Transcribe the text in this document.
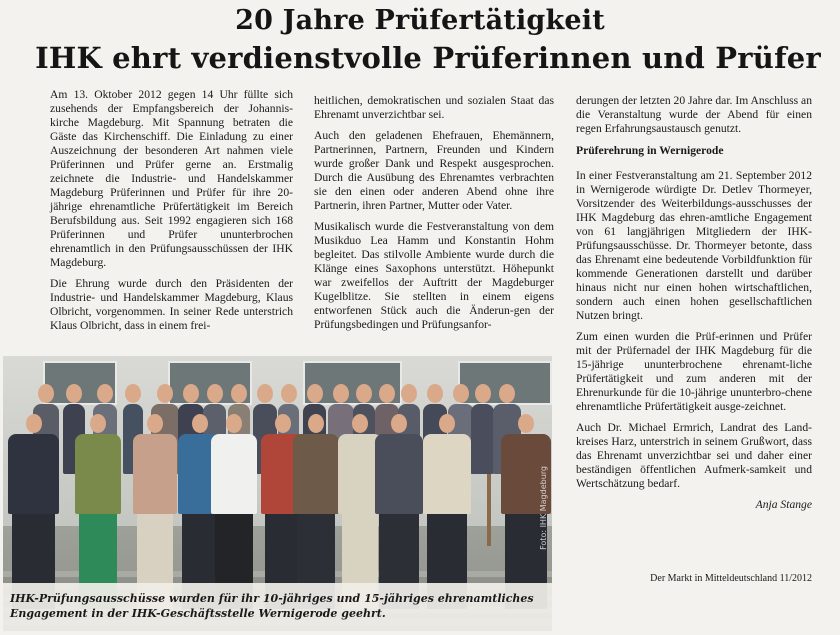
20 Jahre Prüfertätigkeit
IHK ehrt verdienstvolle Prüferinnen und Prüfer

Am 13. Oktober 2012 gegen 14 Uhr füllte sich zusehends der Empfangsbereich der Johannis-kirche Magdeburg. Mit Spannung betraten die Gäste das Kirchenschiff. Die Einladung zu einer Auszeichnung der besonderen Art nahmen viele Prüferinnen und Prüfer gerne an. Erstmalig zeichnete die Industrie- und Handelskammer Magdeburg Prüferinnen und Prüfer für ihre 20-jährige ehrenamtliche Prüfertätigkeit im Bereich Berufsbildung aus. Seit 1992 engagieren sich 168 Prüferinnen und Prüfer ununterbrochen ehrenamtlich in den Prüfungsausschüssen der IHK Magdeburg.

Die Ehrung wurde durch den Präsidenten der Industrie- und Handelskammer Magdeburg, Klaus Olbricht, vorgenommen. In seiner Rede unterstrich Klaus Olbricht, dass in einem frei-

heitlichen, demokratischen und sozialen Staat das Ehrenamt unverzichtbar sei.

Auch den geladenen Ehefrauen, Ehemännern, Partnerinnen, Partnern, Freunden und Kindern wurde großer Dank und Respekt ausgesprochen. Durch die Ausübung des Ehrenamtes verbrachten sie den einen oder anderen Abend ohne ihre Partnerin, ihren Partner, Mutter oder Vater.

Musikalisch wurde die Festveranstaltung von dem Musikduo Lea Hamm und Konstantin Hohm begleitet. Das stilvolle Ambiente wurde durch die Klänge eines Saxophons unterstützt. Höhepunkt war zweifellos der Auftritt der Magdeburger Kugelblitze. Sie stellten in einem eigens entworfenen Stück auch die Änderun-gen der Prüfungsbedingen und Prüfungsanfor-

derungen der letzten 20 Jahre dar. Im Anschluss an die Veranstaltung wurde der Abend für einen regen Erfahrungsaustausch genutzt.

Prüferehrung in Wernigerode

In einer Festveranstaltung am 21. September 2012 in Wernigerode würdigte Dr. Detlev Thormeyer, Vorsitzender des Weiterbildungs-ausschusses der IHK Magdeburg das ehren-amtliche Engagement von 61 langjährigen Mitgliedern der IHK-Prüfungsausschüsse. Dr. Thormeyer betonte, dass das Ehrenamt eine bedeutende Vorbildfunktion für kommende Generationen darstellt und darüber hinaus nicht nur einen hohen wirtschaftlichen, sondern auch einen hohen gesellschaftlichen Nutzen bringt.

Zum einen wurden die Prüf-erinnen und Prüfer mit der Prüfernadel der IHK Magdeburg für die 15-jährige ununterbrochene ehrenamt-liche Prüfertätigkeit und zum anderen mit der Ehrenurkunde für die 10-jährige ununterbro-chene ehrenamtliche Prüfertätigkeit ausge-zeichnet.

Auch Dr. Michael Ermrich, Landrat des Land-kreises Harz, unterstrich in seinem Grußwort, dass das Ehrenamt unverzichtbar sei und daher einer beständigen öffentlichen Aufmerk-samkeit und Wertschätzung bedarf.

Anja Stange

Der Markt in Mitteldeutschland 11/2012
Foto: IHK Magdeburg
IHK-Prüfungsausschüsse wurden für ihr 10-jähriges und 15-jähriges ehrenamtliches Engagement in der IHK-Geschäftsstelle Wernigerode geehrt.
